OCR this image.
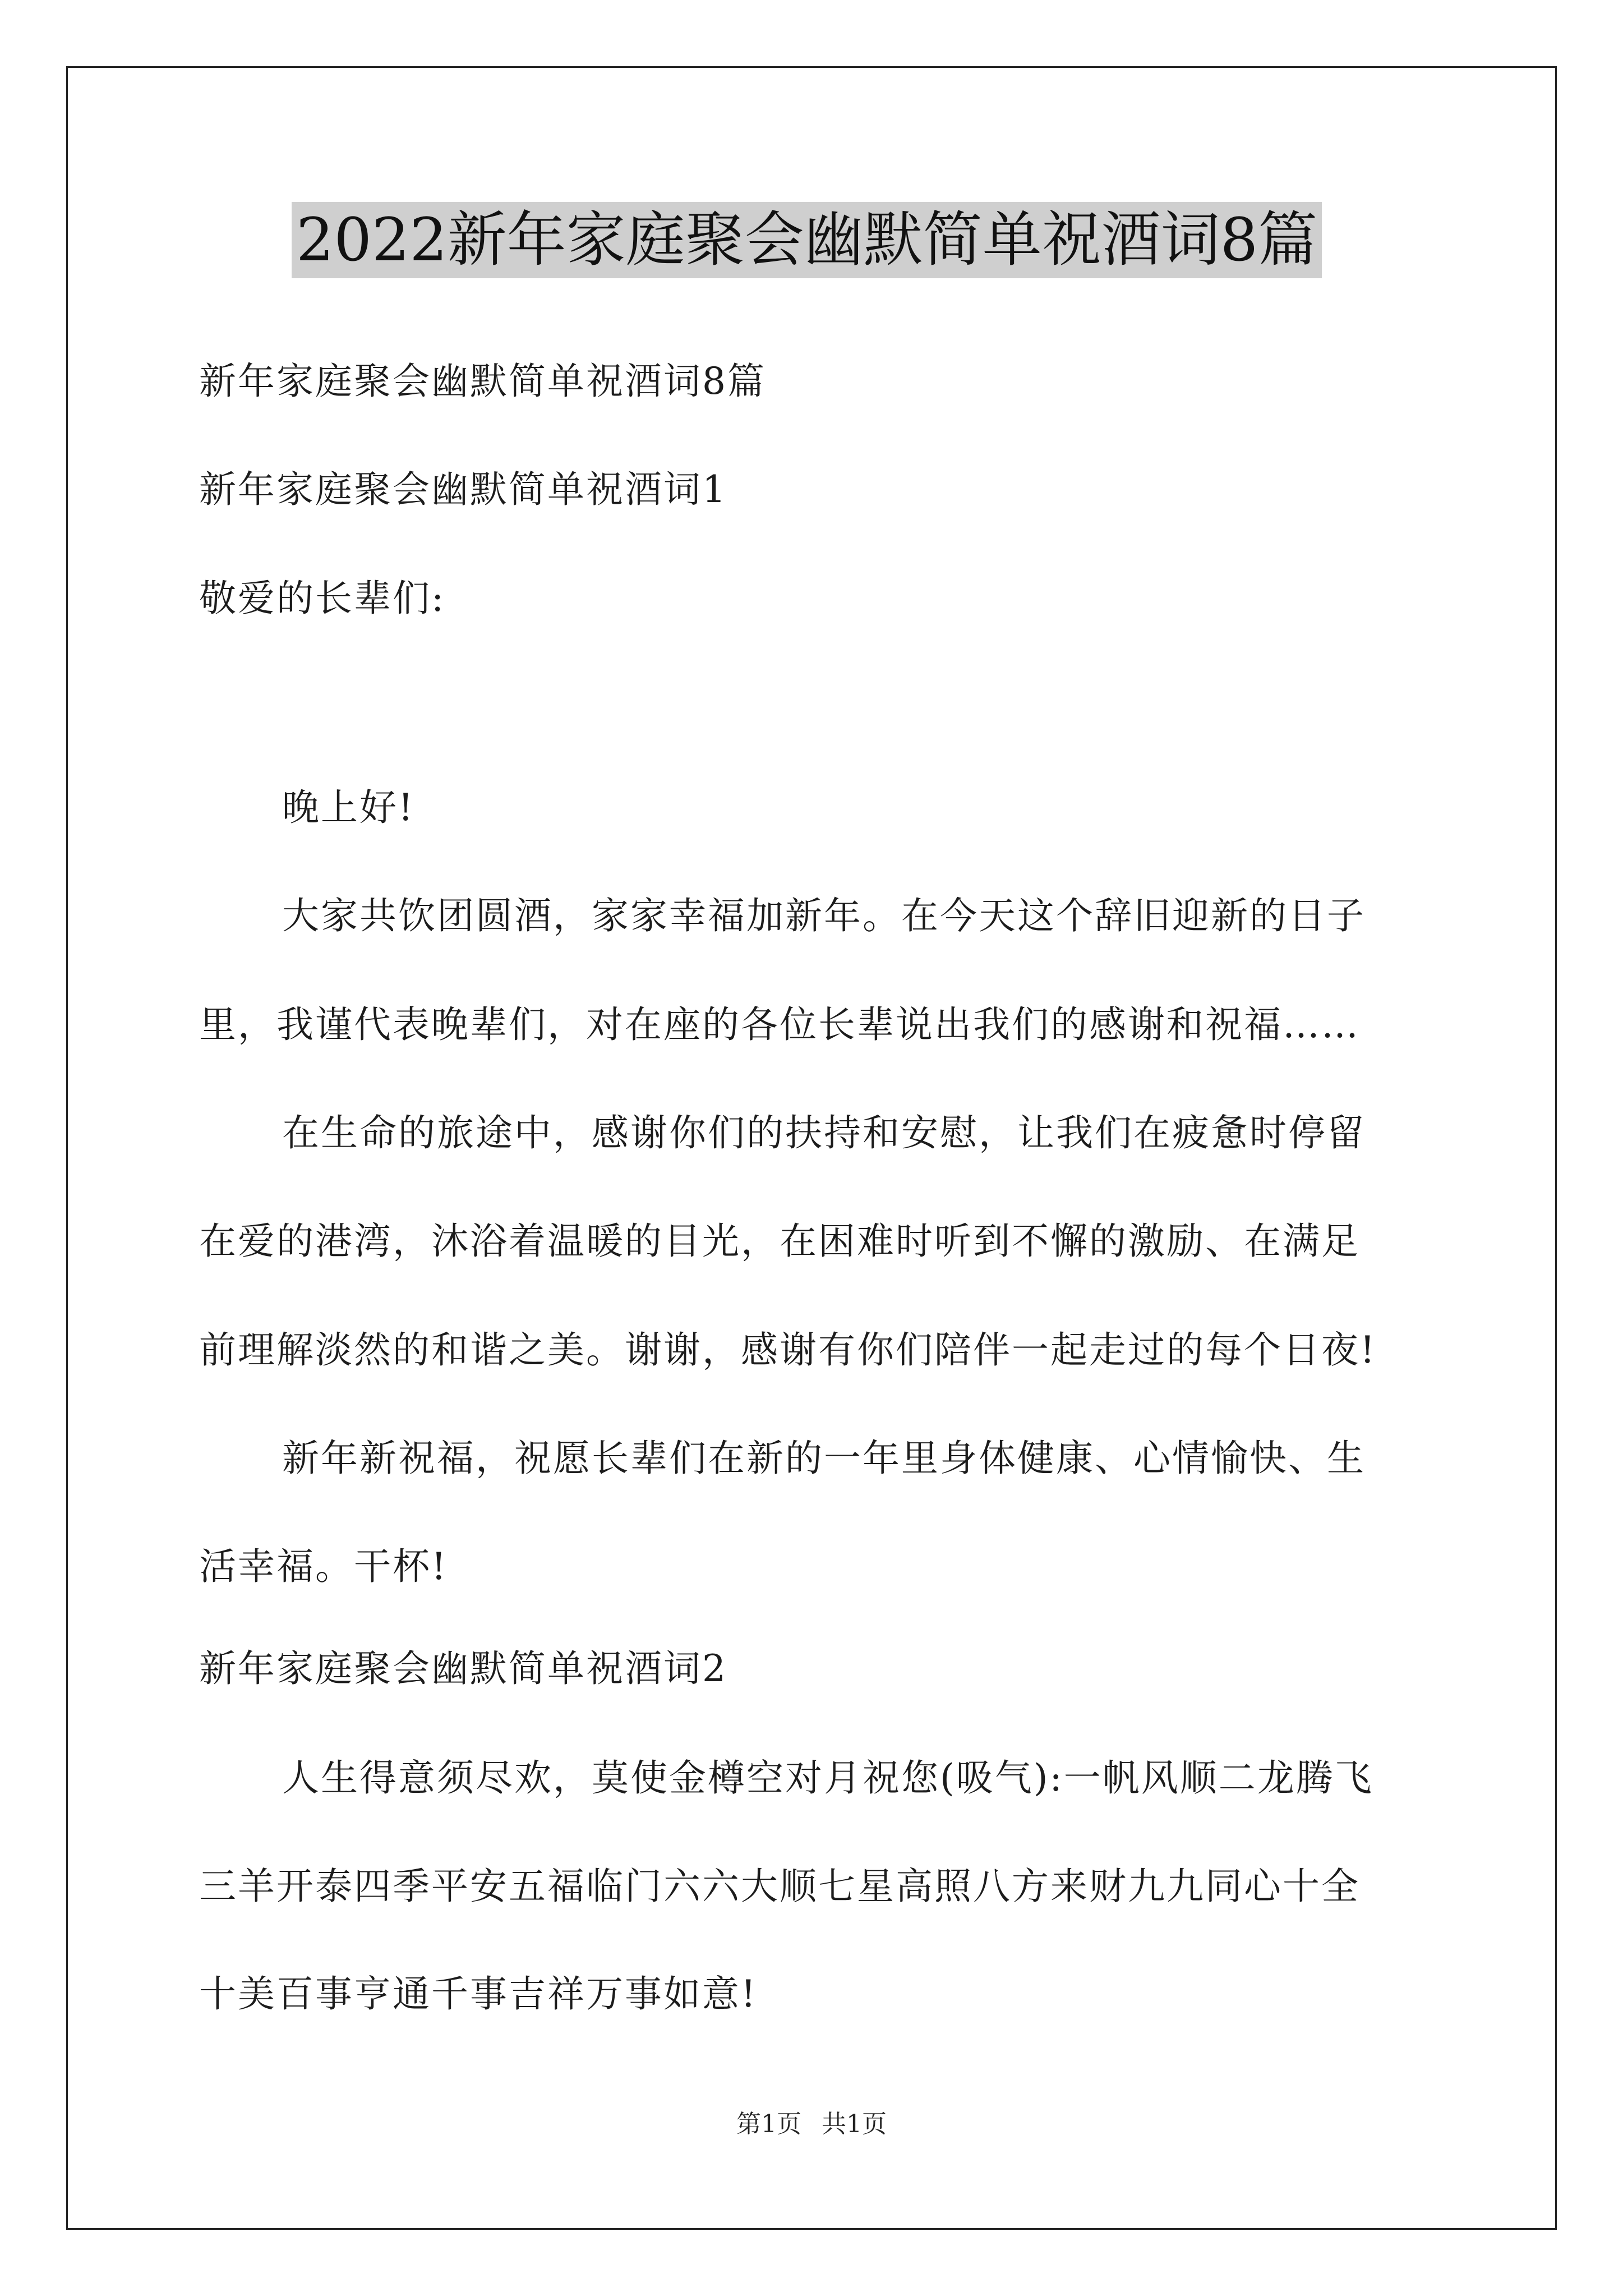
2022新年家庭聚会幽默简单祝酒词8篇
新年家庭聚会幽默简单祝酒词8篇
新年家庭聚会幽默简单祝酒词1
敬爱的长辈们:
晚上好!
大家共饮团圆酒，家家幸福加新年。在今天这个辞旧迎新的日子
里，我谨代表晚辈们，对在座的各位长辈说出我们的感谢和祝福……
在生命的旅途中，感谢你们的扶持和安慰，让我们在疲惫时停留
在爱的港湾，沐浴着温暖的目光，在困难时听到不懈的激励、在满足
前理解淡然的和谐之美。谢谢，感谢有你们陪伴一起走过的每个日夜!
新年新祝福，祝愿长辈们在新的一年里身体健康、心情愉快、生
活幸福。干杯!
新年家庭聚会幽默简单祝酒词2
人生得意须尽欢，莫使金樽空对月祝您(吸气):一帆风顺二龙腾飞
三羊开泰四季平安五福临门六六大顺七星高照八方来财九九同心十全
十美百事亨通千事吉祥万事如意!
第1页 共1页
